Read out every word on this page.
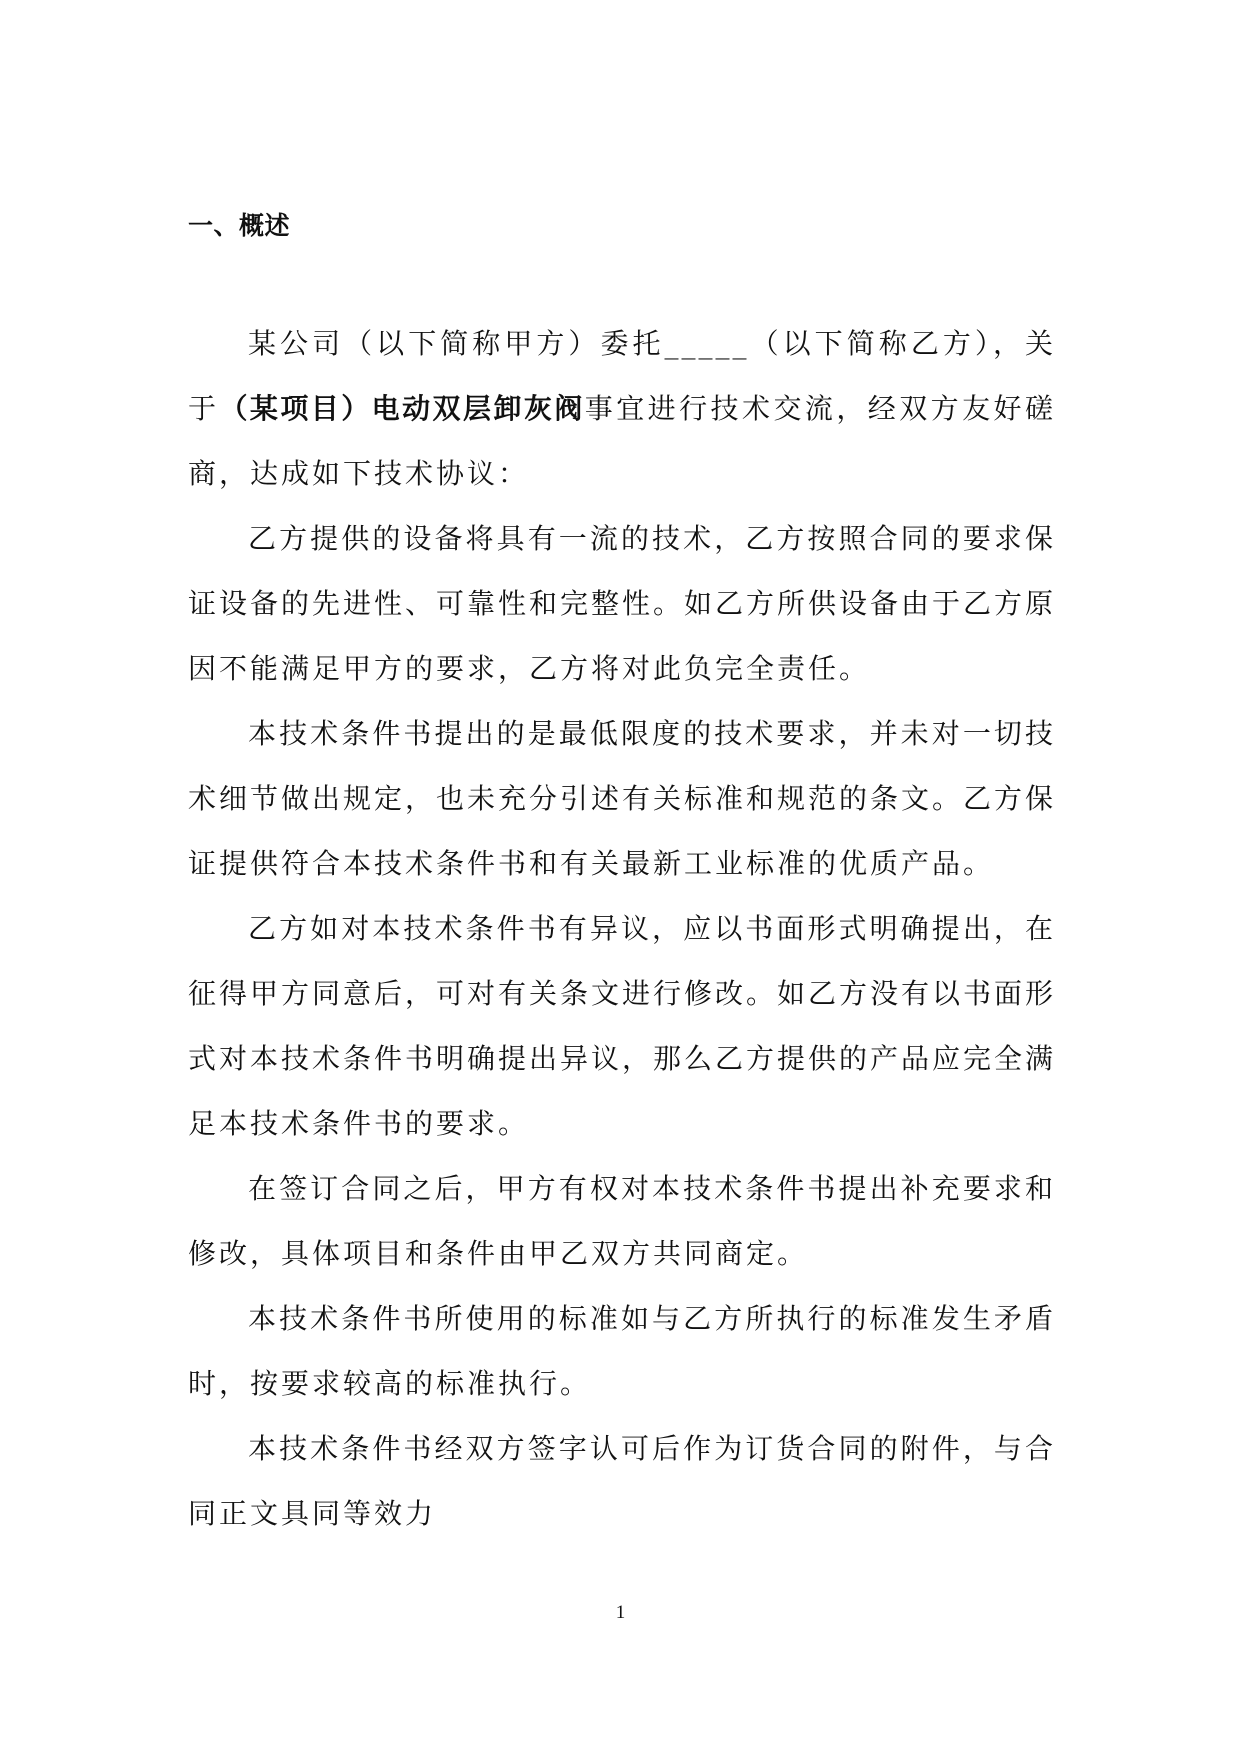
一、概述

某公司（以下简称甲方）委托_____（以下简称乙方），关于（某项目）电动双层卸灰阀事宜进行技术交流，经双方友好磋商，达成如下技术协议：

乙方提供的设备将具有一流的技术，乙方按照合同的要求保证设备的先进性、可靠性和完整性。如乙方所供设备由于乙方原因不能满足甲方的要求，乙方将对此负完全责任。

本技术条件书提出的是最低限度的技术要求，并未对一切技术细节做出规定，也未充分引述有关标准和规范的条文。乙方保证提供符合本技术条件书和有关最新工业标准的优质产品。

乙方如对本技术条件书有异议，应以书面形式明确提出，在征得甲方同意后，可对有关条文进行修改。如乙方没有以书面形式对本技术条件书明确提出异议，那么乙方提供的产品应完全满足本技术条件书的要求。

在签订合同之后，甲方有权对本技术条件书提出补充要求和修改，具体项目和条件由甲乙双方共同商定。

本技术条件书所使用的标准如与乙方所执行的标准发生矛盾时，按要求较高的标准执行。

本技术条件书经双方签字认可后作为订货合同的附件，与合同正文具同等效力

1
